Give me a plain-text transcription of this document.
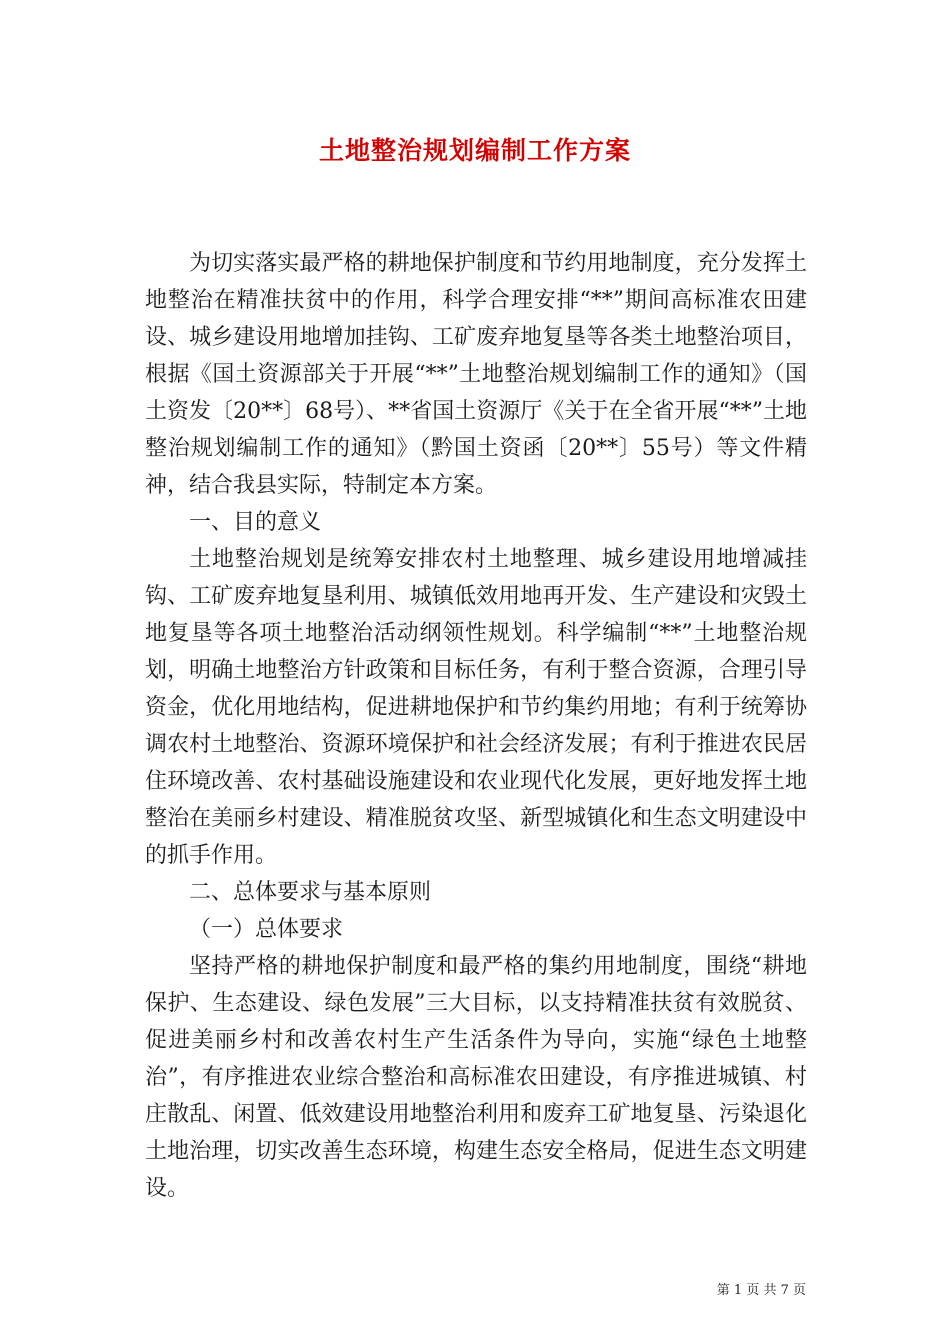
土地整治规划编制工作方案

为切实落实最严格的耕地保护制度和节约用地制度，充分发挥土地整治在精准扶贫中的作用，科学合理安排“**”期间高标准农田建设、城乡建设用地增加挂钩、工矿废弃地复垦等各类土地整治项目，根据《国土资源部关于开展“**”土地整治规划编制工作的通知》（国土资发〔20**〕68号）、**省国土资源厅《关于在全省开展“**”土地整治规划编制工作的通知》（黔国土资函〔20**〕55号）等文件精神，结合我县实际，特制定本方案。

一、目的意义

土地整治规划是统筹安排农村土地整理、城乡建设用地增减挂钩、工矿废弃地复垦利用、城镇低效用地再开发、生产建设和灾毁土地复垦等各项土地整治活动纲领性规划。科学编制“**”土地整治规划，明确土地整治方针政策和目标任务，有利于整合资源，合理引导资金，优化用地结构，促进耕地保护和节约集约用地；有利于统筹协调农村土地整治、资源环境保护和社会经济发展；有利于推进农民居住环境改善、农村基础设施建设和农业现代化发展，更好地发挥土地整治在美丽乡村建设、精准脱贫攻坚、新型城镇化和生态文明建设中的抓手作用。

二、总体要求与基本原则

（一）总体要求

坚持严格的耕地保护制度和最严格的集约用地制度，围绕“耕地保护、生态建设、绿色发展”三大目标，以支持精准扶贫有效脱贫、促进美丽乡村和改善农村生产生活条件为导向，实施“绿色土地整治”，有序推进农业综合整治和高标准农田建设，有序推进城镇、村庄散乱、闲置、低效建设用地整治利用和废弃工矿地复垦、污染退化土地治理，切实改善生态环境，构建生态安全格局，促进生态文明建设。

第 1 页 共 7 页
